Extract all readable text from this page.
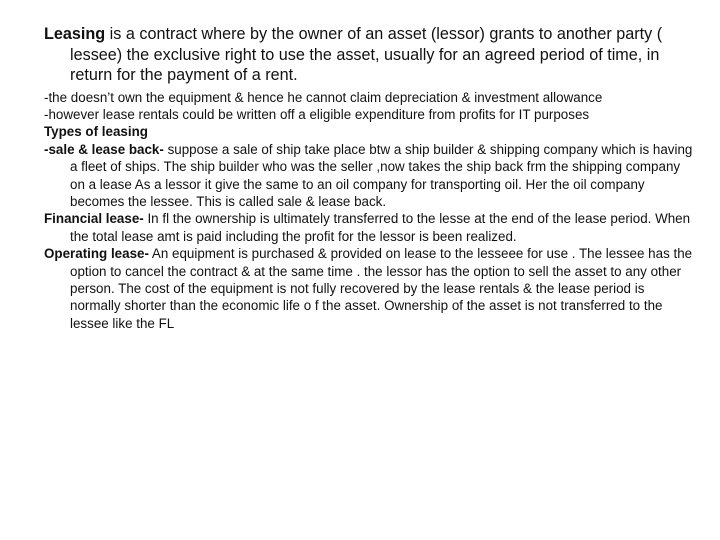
Leasing is a contract where by the owner of an asset (lessor) grants to another party ( lessee) the exclusive right to use the asset, usually for an agreed period of time, in return for the payment of a rent.

-the doesn’t own the equipment & hence he cannot claim depreciation & investment allowance

-however lease rentals could be written off a eligible expenditure from profits for IT purposes

Types of leasing

-sale & lease back- suppose a sale of ship take place btw a ship builder & shipping company which is having a fleet of ships. The ship builder who was the seller ,now takes the ship back frm the shipping company on a lease As a lessor it give the same to an oil company for transporting oil. Her the oil company becomes the lessee. This is called sale & lease back.

Financial lease- In fl the ownership is ultimately transferred to the lesse at the end of the lease period. When the total lease amt is paid including the profit for the lessor is been realized.

Operating lease- An equipment is purchased & provided on lease to the lesseee for use . The lessee has the option to cancel the contract & at the same time . the lessor has the option to sell the asset to any other person. The cost of the equipment is not fully recovered by the lease rentals & the lease period is normally shorter than the economic life o f the asset. Ownership of the asset is not transferred to the lessee like the FL
